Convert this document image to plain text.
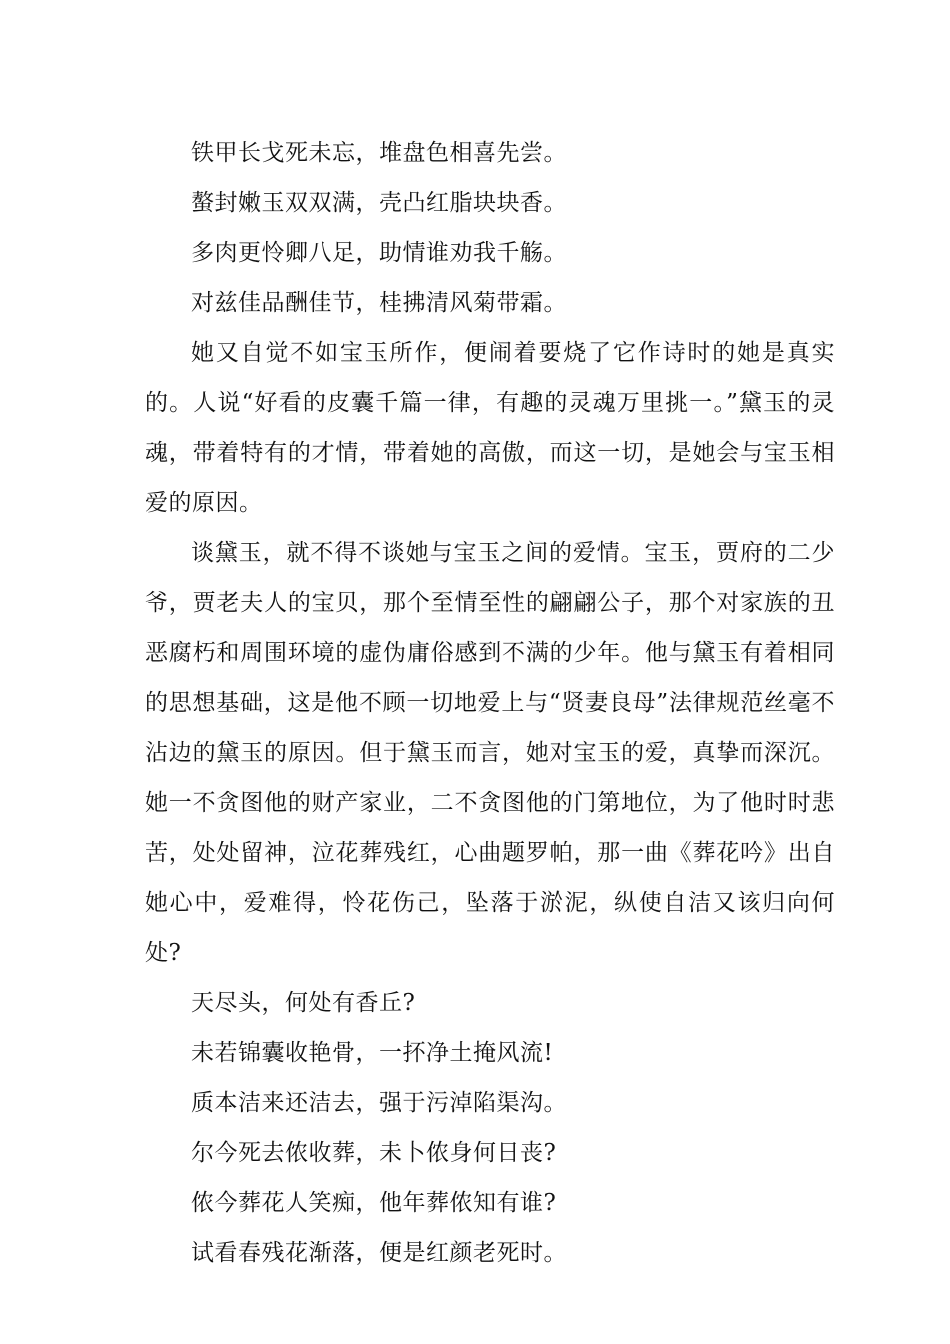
铁甲长戈死未忘，堆盘色相喜先尝。

螯封嫩玉双双满，壳凸红脂块块香。

多肉更怜卿八足，助情谁劝我千觞。

对兹佳品酬佳节，桂拂清风菊带霜。

她又自觉不如宝玉所作，便闹着要烧了它作诗时的她是真实的。人说“好看的皮囊千篇一律，有趣的灵魂万里挑一。”黛玉的灵魂，带着特有的才情，带着她的高傲，而这一切，是她会与宝玉相爱的原因。

谈黛玉，就不得不谈她与宝玉之间的爱情。宝玉，贾府的二少爷，贾老夫人的宝贝，那个至情至性的翩翩公子，那个对家族的丑恶腐朽和周围环境的虚伪庸俗感到不满的少年。他与黛玉有着相同的思想基础，这是他不顾一切地爱上与“贤妻良母”法律规范丝毫不沾边的黛玉的原因。但于黛玉而言，她对宝玉的爱，真挚而深沉。她一不贪图他的财产家业，二不贪图他的门第地位，为了他时时悲苦，处处留神，泣花葬残红，心曲题罗帕，那一曲《葬花吟》出自她心中，爱难得，怜花伤己，坠落于淤泥，纵使自洁又该归向何处?

天尽头，何处有香丘?

未若锦囊收艳骨，一抔净土掩风流!

质本洁来还洁去，强于污淖陷渠沟。

尔今死去侬收葬，未卜侬身何日丧?

侬今葬花人笑痴，他年葬侬知有谁?

试看春残花渐落，便是红颜老死时。
